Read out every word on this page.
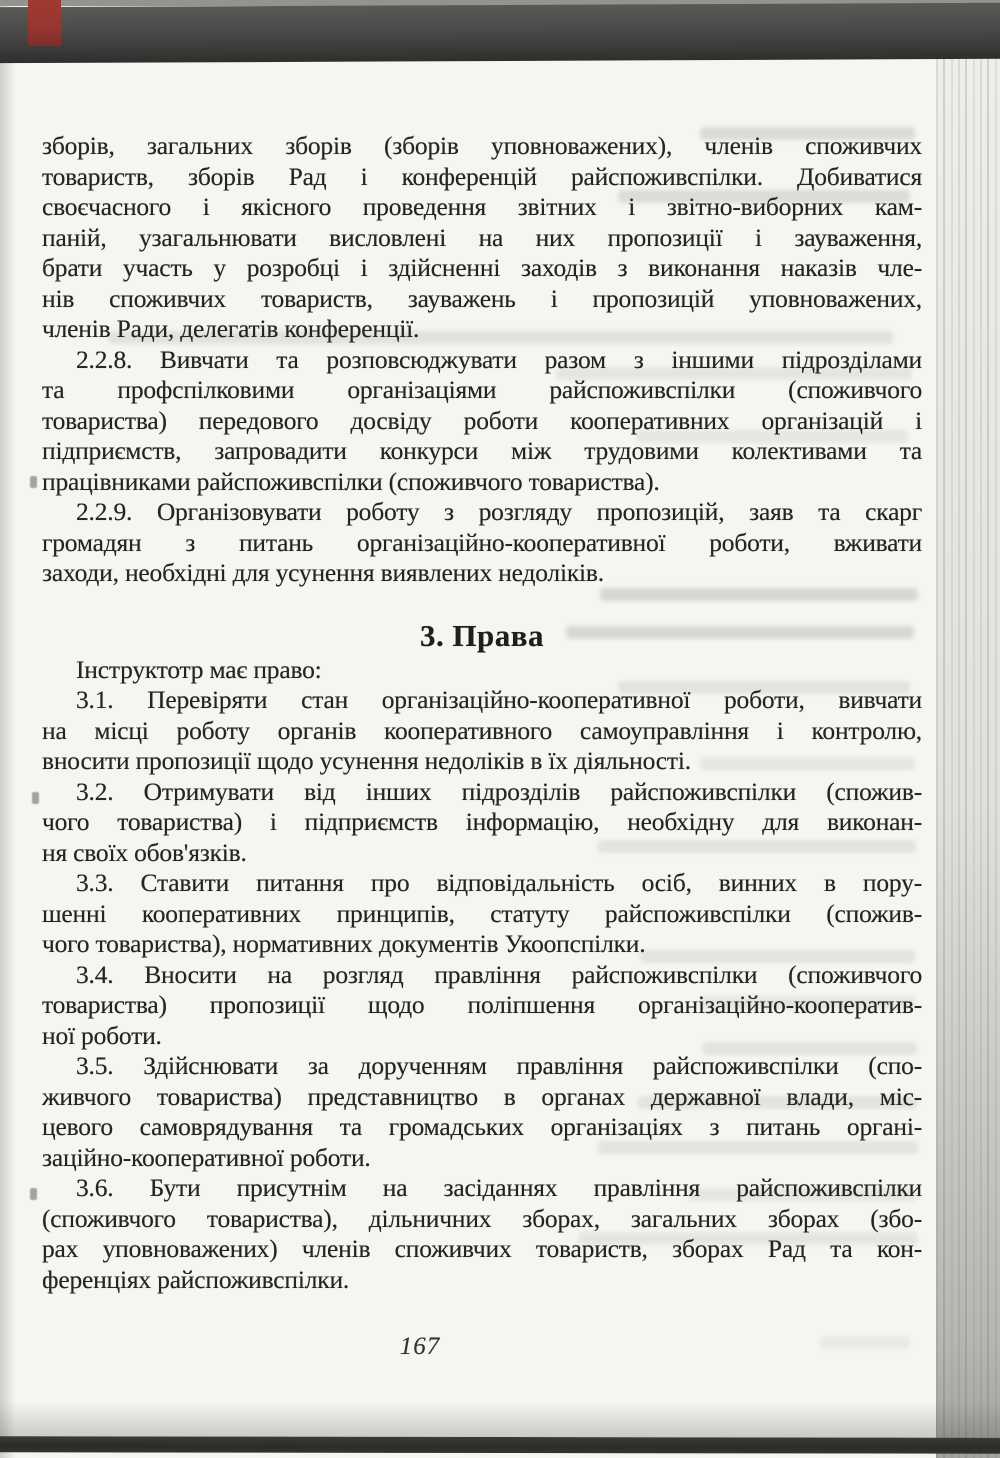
зборів, загальних зборів (зборів уповноважених), членів споживчих
товариств, зборів Рад і конференцій райспоживспілки. Добиватися
своєчасного і якісного проведення звітних і звітно-виборних кам-
паній, узагальнювати висловлені на них пропозиції і зауваження,
брати участь у розробці і здійсненні заходів з виконання наказів чле-
нів споживчих товариств, зауважень і пропозицій уповноважених,
членів Ради, делегатів конференції.

2.2.8. Вивчати та розповсюджувати разом з іншими підрозділами
та профспілковими організаціями райспоживспілки (споживчого
товариства) передового досвіду роботи кооперативних організацій і
підприємств, запровадити конкурси між трудовими колективами та
працівниками райспоживспілки (споживчого товариства).

2.2.9. Організовувати роботу з розгляду пропозицій, заяв та скарг
громадян з питань організаційно-кооперативної роботи, вживати
заходи, необхідні для усунення виявлених недоліків.

3. Права

Інструктотр має право:

3.1. Перевіряти стан організаційно-кооперативної роботи, вивчати
на місці роботу органів кооперативного самоуправління і контролю,
вносити пропозиції щодо усунення недоліків в їх діяльності.

3.2. Отримувати від інших підрозділів райспоживспілки (спожив-
чого товариства) і підприємств інформацію, необхідну для виконан-
ня своїх обов'язків.

3.3. Ставити питання про відповідальність осіб, винних в пору-
шенні кооперативних принципів, статуту райспоживспілки (спожив-
чого товариства), нормативних документів Укоопспілки.

3.4. Вносити на розгляд правління райспоживспілки (споживчого
товариства) пропозиції щодо поліпшення організаційно-кооператив-
ної роботи.

3.5. Здійснювати за дорученням правління райспоживспілки (спо-
живчого товариства) представництво в органах державної влади, міс-
цевого самоврядування та громадських організаціях з питань органі-
заційно-кооперативної роботи.

3.6. Бути присутнім на засіданнях правління райспоживспілки
(споживчого товариства), дільничних зборах, загальних зборах (збо-
рах уповноважених) членів споживчих товариств, зборах Рад та кон-
ференціях райспоживспілки.

167
